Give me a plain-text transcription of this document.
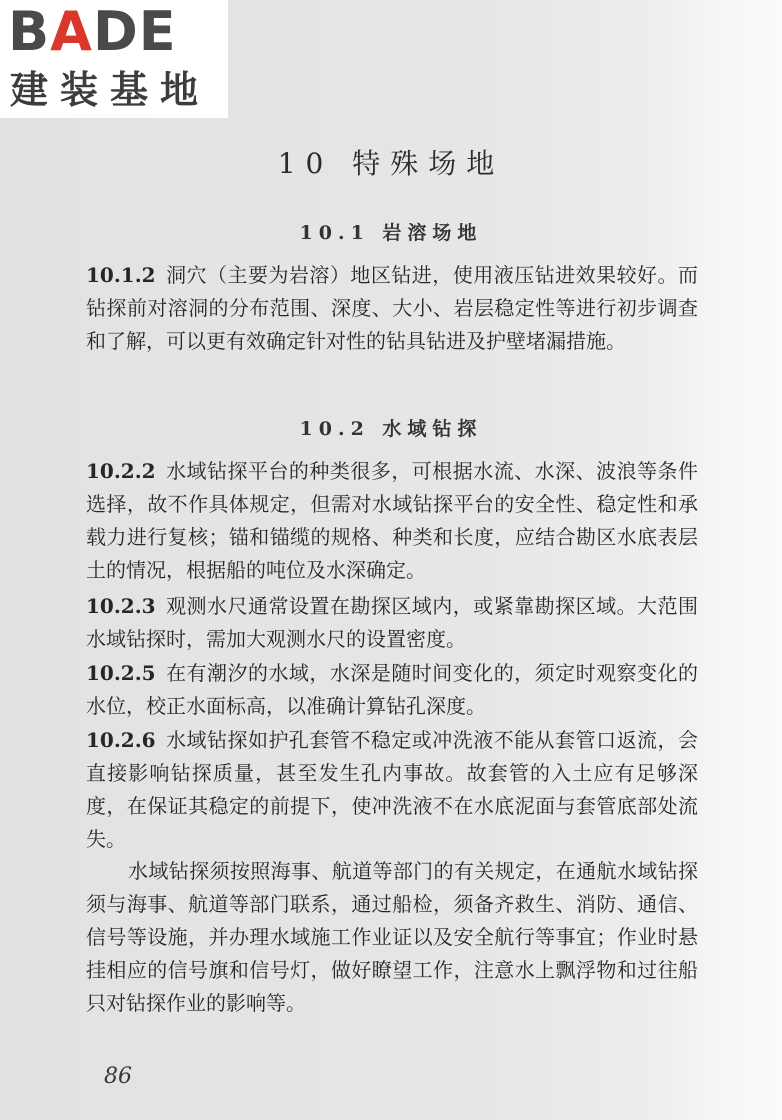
BADE
建装基地
10 特殊场地
10.1 岩溶场地
10.1.2 洞穴（主要为岩溶）地区钻进，使用液压钻进效果较好。而钻探前对溶洞的分布范围、深度、大小、岩层稳定性等进行初步调查和了解，可以更有效确定针对性的钻具钻进及护壁堵漏措施。
10.2 水域钻探
10.2.2 水域钻探平台的种类很多，可根据水流、水深、波浪等条件选择，故不作具体规定，但需对水域钻探平台的安全性、稳定性和承载力进行复核；锚和锚缆的规格、种类和长度，应结合勘区水底表层土的情况，根据船的吨位及水深确定。
10.2.3 观测水尺通常设置在勘探区域内，或紧靠勘探区域。大范围水域钻探时，需加大观测水尺的设置密度。
10.2.5 在有潮汐的水域，水深是随时间变化的，须定时观察变化的水位，校正水面标高，以准确计算钻孔深度。
10.2.6 水域钻探如护孔套管不稳定或冲洗液不能从套管口返流，会直接影响钻探质量，甚至发生孔内事故。故套管的入土应有足够深度，在保证其稳定的前提下，使冲洗液不在水底泥面与套管底部处流失。
水域钻探须按照海事、航道等部门的有关规定，在通航水域钻探须与海事、航道等部门联系，通过船检，须备齐救生、消防、通信、信号等设施，并办理水域施工作业证以及安全航行等事宜；作业时悬挂相应的信号旗和信号灯，做好瞭望工作，注意水上飘浮物和过往船只对钻探作业的影响等。
86
